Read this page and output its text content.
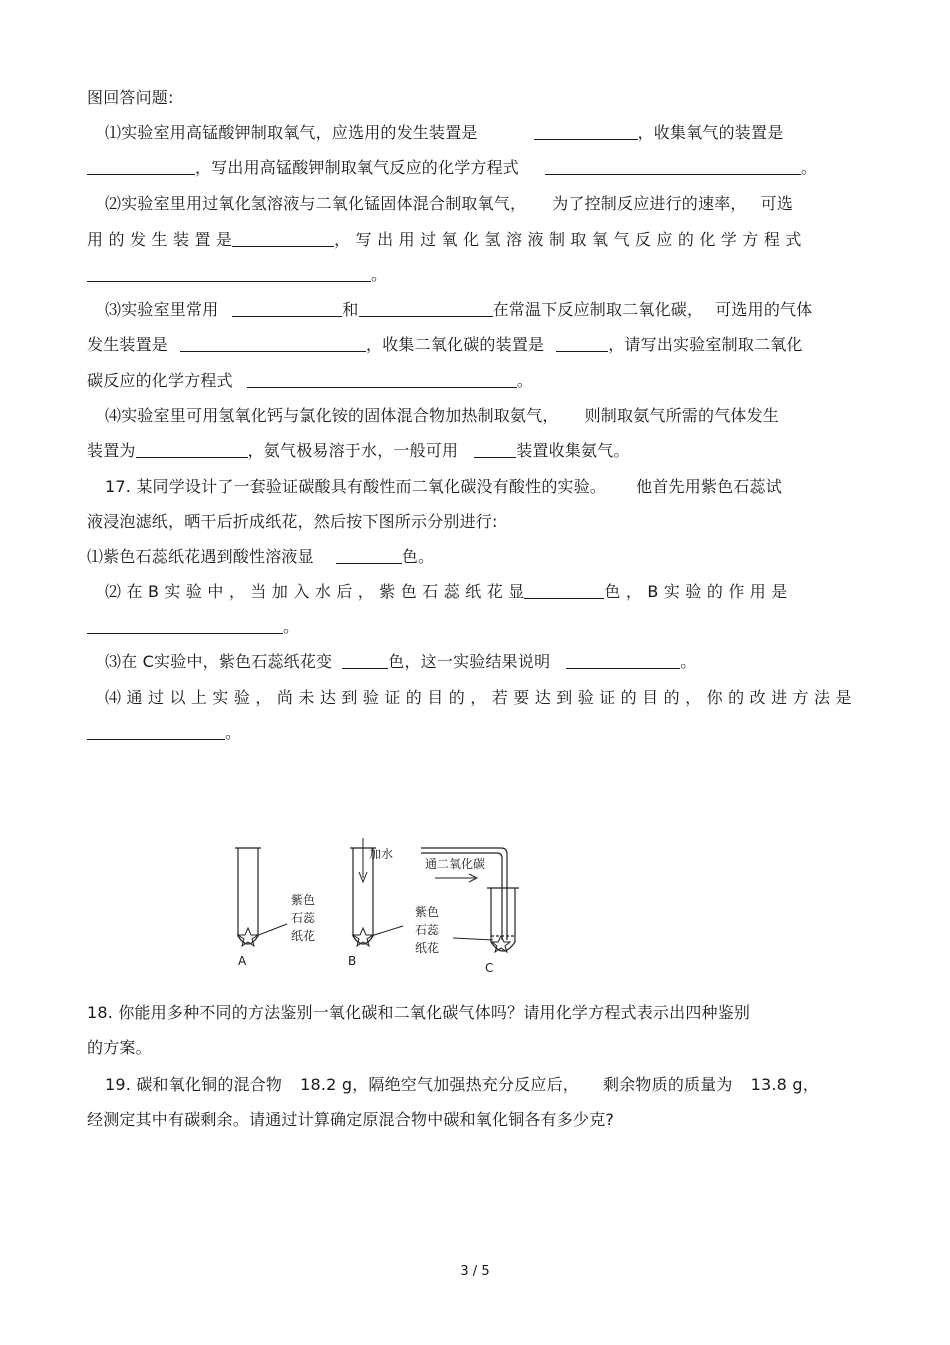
图回答问题:
⑴实验室用高锰酸钾制取氧气，应选用的发生装置是	，收集氧气的装置是
，写出用高锰酸钾制取氧气反应的化学方程式	。
⑵实验室里用过氧化氢溶液与二氧化锰固体混合制取氧气， 为了控制反应进行的速率， 可选
用 的 发 生 装 置 是	， 写 出 用 过 氧 化 氢 溶 液 制 取 氧 气 反 应 的 化 学 方 程 式
。
⑶实验室里常用	和	在常温下反应制取二氧化碳， 可选用的气体
发生装置是	，收集二氧化碳的装置是	，请写出实验室制取二氧化
碳反应的化学方程式	。
⑷实验室里可用氢氧化钙与氯化铵的固体混合物加热制取氨气， 则制取氨气所需的气体发生
装置为	，氨气极易溶于水，一般可用	装置收集氨气。
17. 某同学设计了一套验证碳酸具有酸性而二氧化碳没有酸性的实验。 他首先用紫色石蕊试
液浸泡滤纸，晒干后折成纸花，然后按下图所示分别进行:
⑴紫色石蕊纸花遇到酸性溶液显	色。
⑵ 在 B 实 验 中 ， 当 加 入 水 后 ， 紫 色 石 蕊 纸 花 显	色 ， B 实 验 的 作 用 是
。
⑶在 C实验中，紫色石蕊纸花变	色，这一实验结果说明	。
⑷ 通 过 以 上 实 验 ， 尚 未 达 到 验 证 的 目 的 ， 若 要 达 到 验 证 的 目 的 ， 你 的 改 进 方 法 是
。
紫色
石蕊
纸花
A
加水
紫色
石蕊
纸花
B
通二氧化碳
C
18. 你能用多种不同的方法鉴别一氧化碳和二氧化碳气体吗？请用化学方程式表示出四种鉴别
的方案。
19. 碳和氧化铜的混合物 18.2 g，隔绝空气加强热充分反应后， 剩余物质的质量为 13.8 g，
经测定其中有碳剩余。请通过计算确定原混合物中碳和氧化铜各有多少克?
3 / 5
